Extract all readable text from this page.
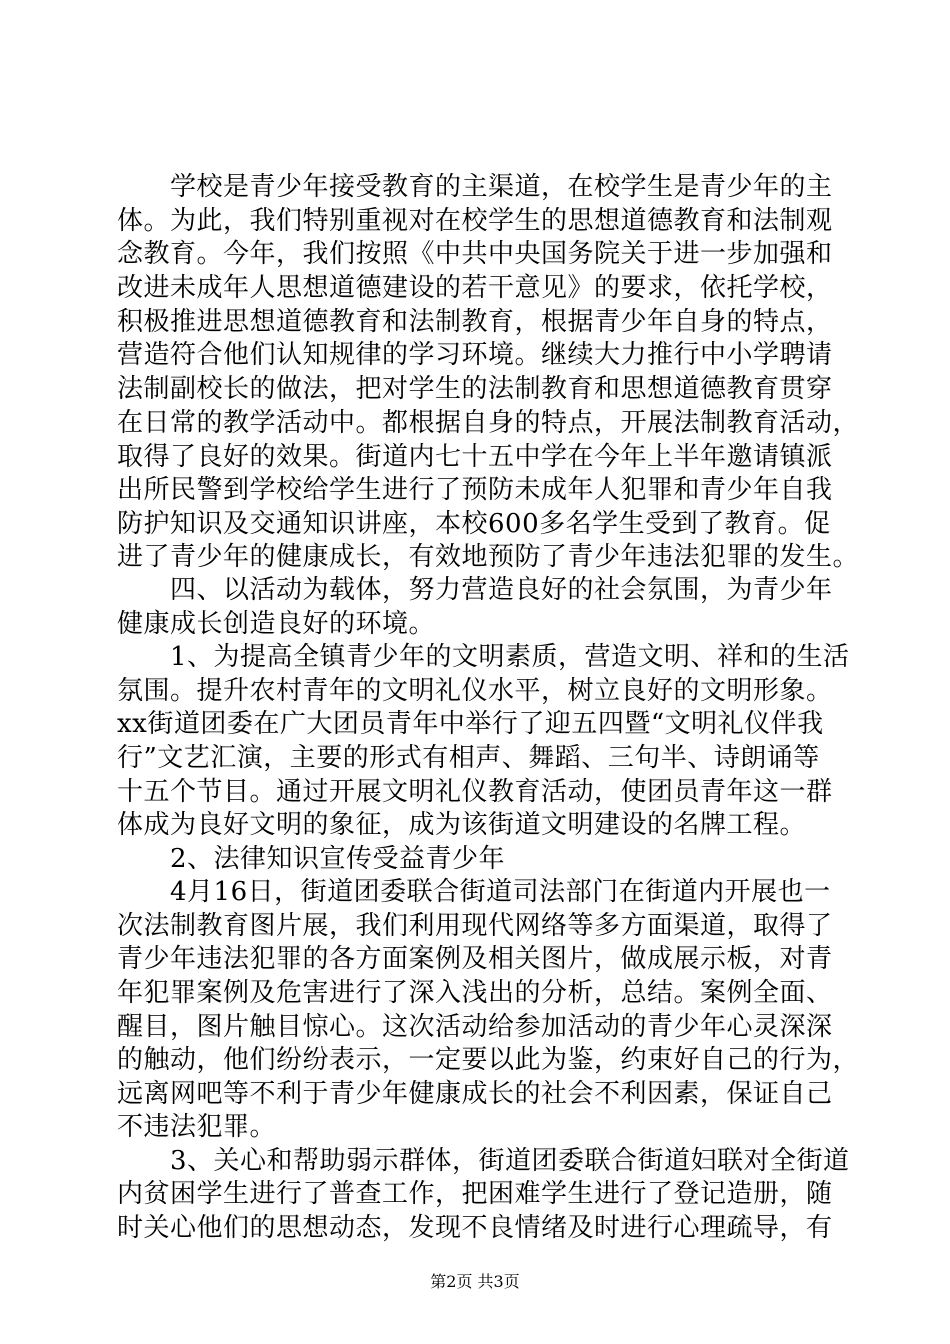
　　学校是青少年接受教育的主渠道，在校学生是青少年的主
体。为此，我们特别重视对在校学生的思想道德教育和法制观
念教育。今年，我们按照《中共中央国务院关于进一步加强和
改进未成年人思想道德建设的若干意见》的要求，依托学校，
积极推进思想道德教育和法制教育，根据青少年自身的特点，
营造符合他们认知规律的学习环境。继续大力推行中小学聘请
法制副校长的做法，把对学生的法制教育和思想道德教育贯穿
在日常的教学活动中。都根据自身的特点，开展法制教育活动，
取得了良好的效果。街道内七十五中学在今年上半年邀请镇派
出所民警到学校给学生进行了预防未成年人犯罪和青少年自我
防护知识及交通知识讲座，本校600多名学生受到了教育。促
进了青少年的健康成长，有效地预防了青少年违法犯罪的发生。
　　四、以活动为载体，努力营造良好的社会氛围，为青少年
健康成长创造良好的环境。
　　1、为提高全镇青少年的文明素质，营造文明、祥和的生活
氛围。提升农村青年的文明礼仪水平，树立良好的文明形象。
xx街道团委在广大团员青年中举行了迎五四暨“文明礼仪伴我
行”文艺汇演，主要的形式有相声、舞蹈、三句半、诗朗诵等
十五个节目。通过开展文明礼仪教育活动，使团员青年这一群
体成为良好文明的象征，成为该街道文明建设的名牌工程。
　　2、法律知识宣传受益青少年
　　4月16日，街道团委联合街道司法部门在街道内开展也一
次法制教育图片展，我们利用现代网络等多方面渠道，取得了
青少年违法犯罪的各方面案例及相关图片，做成展示板，对青
年犯罪案例及危害进行了深入浅出的分析，总结。案例全面、
醒目，图片触目惊心。这次活动给参加活动的青少年心灵深深
的触动，他们纷纷表示，一定要以此为鉴，约束好自己的行为，
远离网吧等不利于青少年健康成长的社会不利因素，保证自己
不违法犯罪。
　　3、关心和帮助弱示群体，街道团委联合街道妇联对全街道
内贫困学生进行了普查工作，把困难学生进行了登记造册，随
时关心他们的思想动态，发现不良情绪及时进行心理疏导，有
第2页 共3页
